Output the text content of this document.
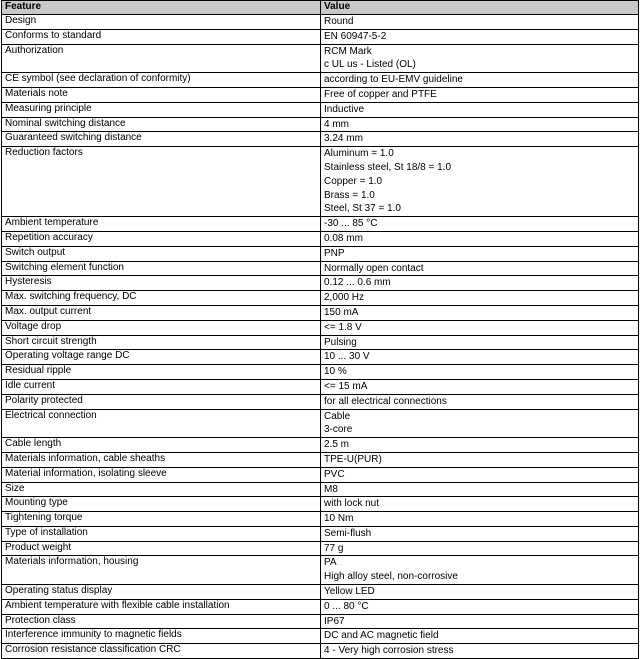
Feature	Value
Design	Round

Conforms to standard	EN 60947-5-2

Authorization	RCM Mark
c UL us - Listed (OL)

CE symbol (see declaration of conformity)	according to EU-EMV guideline

Materials note	Free of copper and PTFE

Measuring principle	Inductive

Nominal switching distance	4 mm

Guaranteed switching distance	3.24 mm

Reduction factors	Aluminum = 1.0
Stainless steel, St 18/8 = 1.0
Copper = 1.0
Brass = 1.0
Steel, St 37 = 1.0

Ambient temperature	-30 ... 85 °C

Repetition accuracy	0.08 mm

Switch output	PNP

Switching element function	Normally open contact

Hysteresis	0.12 ... 0.6 mm

Max. switching frequency, DC	2,000 Hz

Max. output current	150 mA

Voltage drop	<= 1.8 V

Short circuit strength	Pulsing

Operating voltage range DC	10 ... 30 V

Residual ripple	10 %

Idle current	<= 15 mA

Polarity protected	for all electrical connections

Electrical connection	Cable
3-core

Cable length	2.5 m

Materials information, cable sheaths	TPE-U(PUR)

Material information, isolating sleeve	PVC

Size	M8

Mounting type	with lock nut

Tightening torque	10 Nm

Type of installation	Semi-flush

Product weight	77 g

Materials information, housing	PA
High alloy steel, non-corrosive

Operating status display	Yellow LED

Ambient temperature with flexible cable installation	0 ... 80 °C

Protection class	IP67

Interference immunity to magnetic fields	DC and AC magnetic field

Corrosion resistance classification CRC	4 - Very high corrosion stress
